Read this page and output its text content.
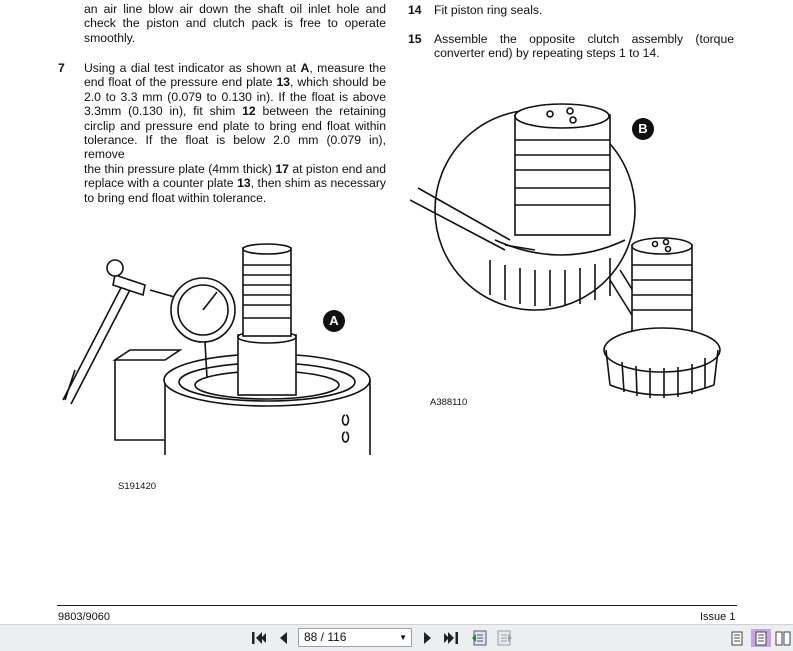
an air line blow air down the shaft oil inlet hole and
check the piston and clutch pack is free to operate
smoothly.
7 Using a dial test indicator as shown at A, measure the
end float of the pressure end plate 13, which should be
2.0 to 3.3 mm (0.079 to 0.130 in). If the float is above
3.3mm (0.130 in), fit shim 12 between the retaining
circlip and pressure end plate to bring end float within
tolerance. If the float is below 2.0 mm (0.079 in), remove
the thin pressure plate (4mm thick) 17 at piston end and
replace with a counter plate 13, then shim as necessary
to bring end float within tolerance.
14 Fit piston ring seals.
15 Assemble the opposite clutch assembly (torque
converter end) by repeating steps 1 to 14.
A
S191420
B
A388110
9803/9060	Issue 1
88 / 116	▼
